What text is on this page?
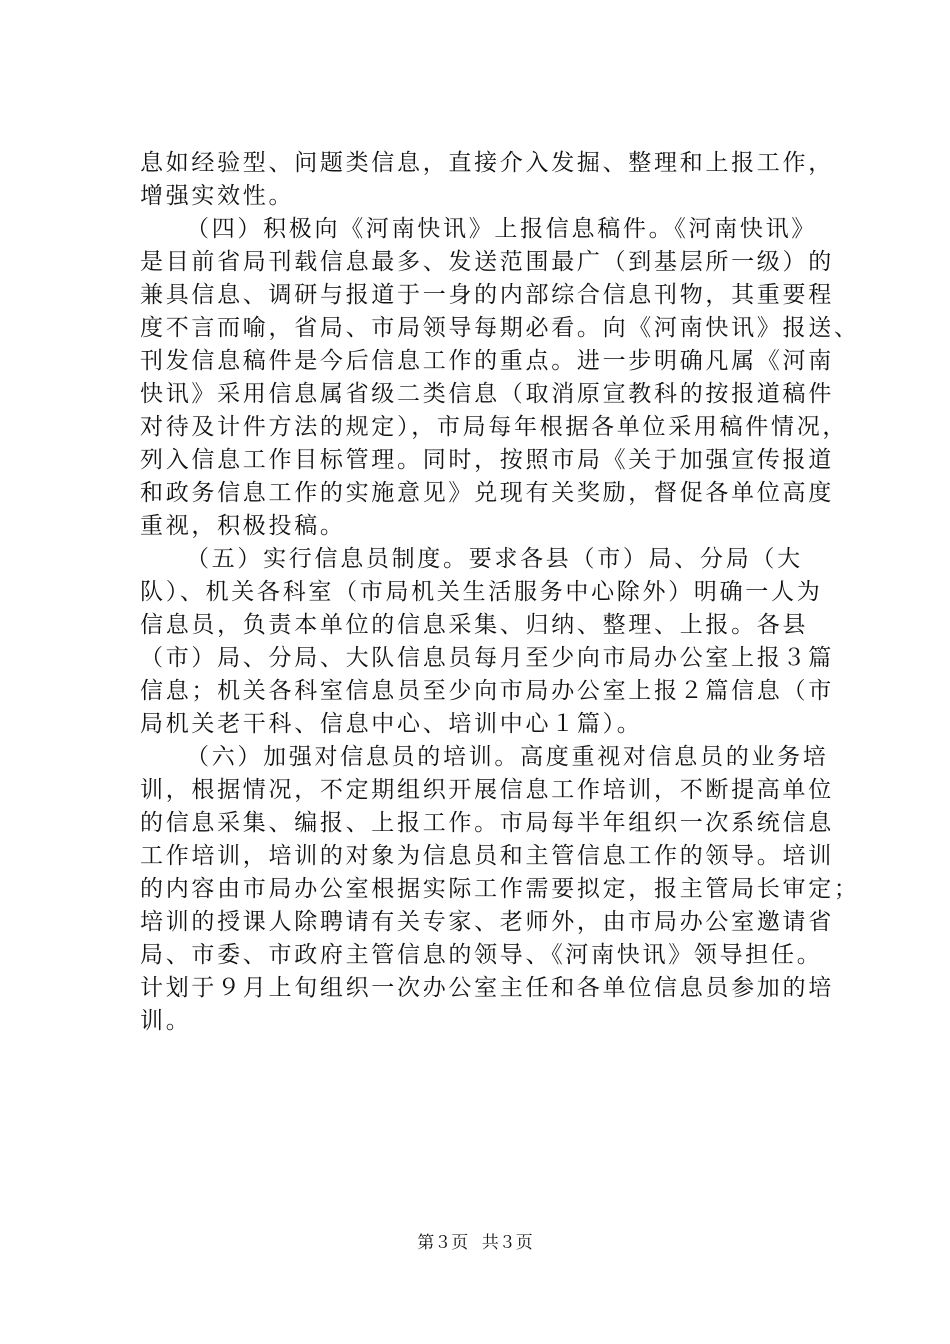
息如经验型、问题类信息，直接介入发掘、整理和上报工作，
增强实效性。
（四）积极向《河南快讯》上报信息稿件。《河南快讯》
是目前省局刊载信息最多、发送范围最广（到基层所一级）的
兼具信息、调研与报道于一身的内部综合信息刊物，其重要程
度不言而喻，省局、市局领导每期必看。向《河南快讯》报送、
刊发信息稿件是今后信息工作的重点。进一步明确凡属《河南
快讯》采用信息属省级二类信息（取消原宣教科的按报道稿件
对待及计件方法的规定），市局每年根据各单位采用稿件情况，
列入信息工作目标管理。同时，按照市局《关于加强宣传报道
和政务信息工作的实施意见》兑现有关奖励，督促各单位高度
重视，积极投稿。
（五）实行信息员制度。要求各县（市）局、分局（大
队）、机关各科室（市局机关生活服务中心除外）明确一人为
信息员，负责本单位的信息采集、归纳、整理、上报。各县
（市）局、分局、大队信息员每月至少向市局办公室上报３篇
信息；机关各科室信息员至少向市局办公室上报２篇信息（市
局机关老干科、信息中心、培训中心１篇）。
（六）加强对信息员的培训。高度重视对信息员的业务培
训，根据情况，不定期组织开展信息工作培训，不断提高单位
的信息采集、编报、上报工作。市局每半年组织一次系统信息
工作培训，培训的对象为信息员和主管信息工作的领导。培训
的内容由市局办公室根据实际工作需要拟定，报主管局长审定；
培训的授课人除聘请有关专家、老师外，由市局办公室邀请省
局、市委、市政府主管信息的领导、《河南快讯》领导担任。
计划于９月上旬组织一次办公室主任和各单位信息员参加的培
训。
第３页 共３页
